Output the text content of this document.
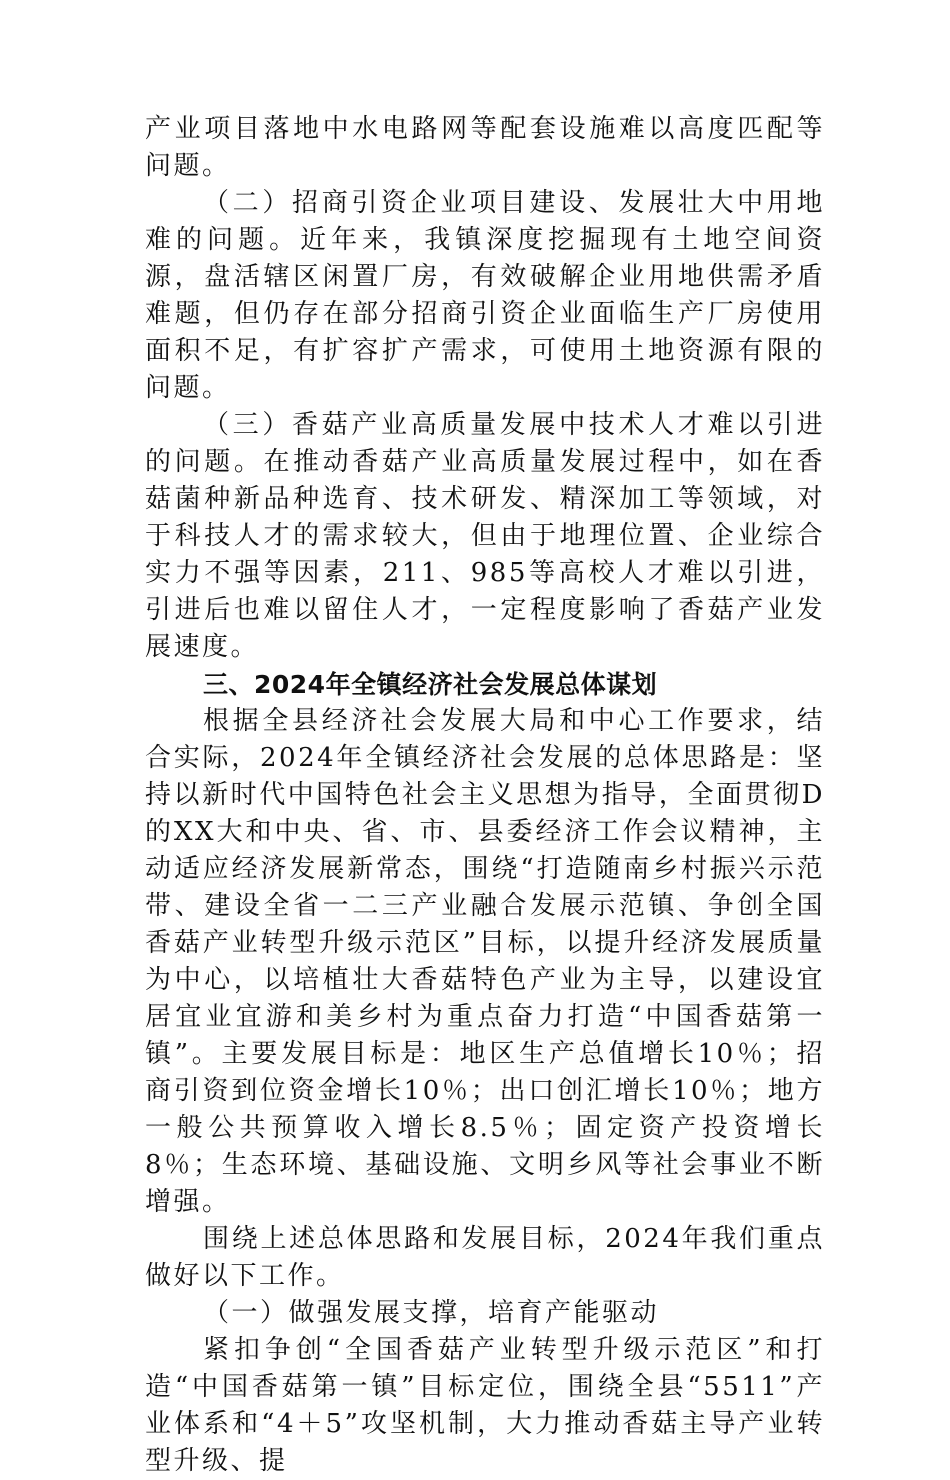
产业项目落地中水电路网等配套设施难以高度匹配等问题。

（二）招商引资企业项目建设、发展壮大中用地难的问题。近年来，我镇深度挖掘现有土地空间资源，盘活辖区闲置厂房，有效破解企业用地供需矛盾难题，但仍存在部分招商引资企业面临生产厂房使用面积不足，有扩容扩产需求，可使用土地资源有限的问题。

（三）香菇产业高质量发展中技术人才难以引进的问题。在推动香菇产业高质量发展过程中，如在香菇菌种新品种选育、技术研发、精深加工等领域，对于科技人才的需求较大，但由于地理位置、企业综合实力不强等因素，211、985等高校人才难以引进，引进后也难以留住人才，一定程度影响了香菇产业发展速度。

三、2024年全镇经济社会发展总体谋划

根据全县经济社会发展大局和中心工作要求，结合实际，2024年全镇经济社会发展的总体思路是：坚持以新时代中国特色社会主义思想为指导，全面贯彻D的XX大和中央、省、市、县委经济工作会议精神，主动适应经济发展新常态，围绕“打造随南乡村振兴示范带、建设全省一二三产业融合发展示范镇、争创全国香菇产业转型升级示范区”目标，以提升经济发展质量为中心，以培植壮大香菇特色产业为主导，以建设宜居宜业宜游和美乡村为重点奋力打造“中国香菇第一镇”。主要发展目标是：地区生产总值增长10％；招商引资到位资金增长10％；出口创汇增长10％；地方一般公共预算收入增长8.5％；固定资产投资增长8％；生态环境、基础设施、文明乡风等社会事业不断增强。

围绕上述总体思路和发展目标，2024年我们重点做好以下工作。

（一）做强发展支撑，培育产能驱动

紧扣争创“全国香菇产业转型升级示范区”和打造“中国香菇第一镇”目标定位，围绕全县“5511”产业体系和“4＋5”攻坚机制，大力推动香菇主导产业转型升级、提
